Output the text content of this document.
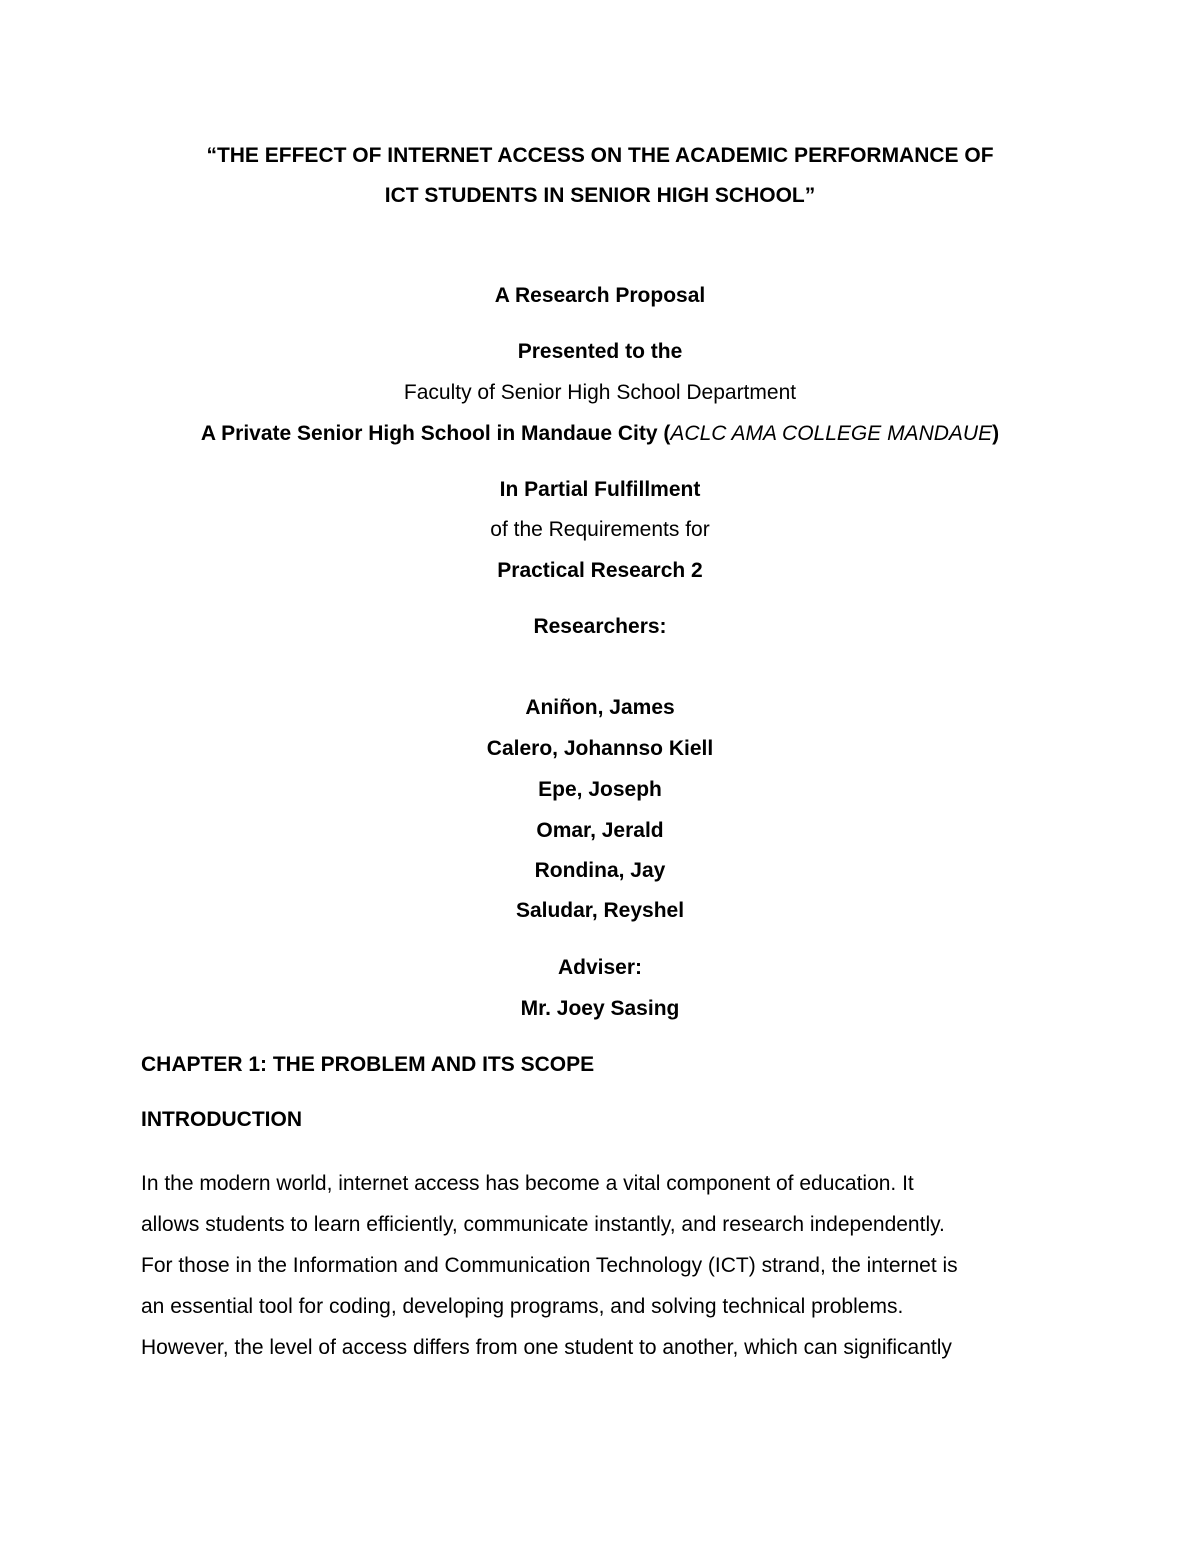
“THE EFFECT OF INTERNET ACCESS ON THE ACADEMIC PERFORMANCE OF
ICT STUDENTS IN SENIOR HIGH SCHOOL”
A Research Proposal
Presented to the
Faculty of Senior High School Department
A Private Senior High School in Mandaue City (ACLC AMA COLLEGE MANDAUE)
In Partial Fulfillment
of the Requirements for
Practical Research 2
Researchers:
Aniñon, James
Calero, Johannso Kiell
Epe, Joseph
Omar, Jerald
Rondina, Jay
Saludar, Reyshel
Adviser:
Mr. Joey Sasing
CHAPTER 1: THE PROBLEM AND ITS SCOPE
INTRODUCTION
In the modern world, internet access has become a vital component of education. It
allows students to learn efficiently, communicate instantly, and research independently.
For those in the Information and Communication Technology (ICT) strand, the internet is
an essential tool for coding, developing programs, and solving technical problems.
However, the level of access differs from one student to another, which can significantly
